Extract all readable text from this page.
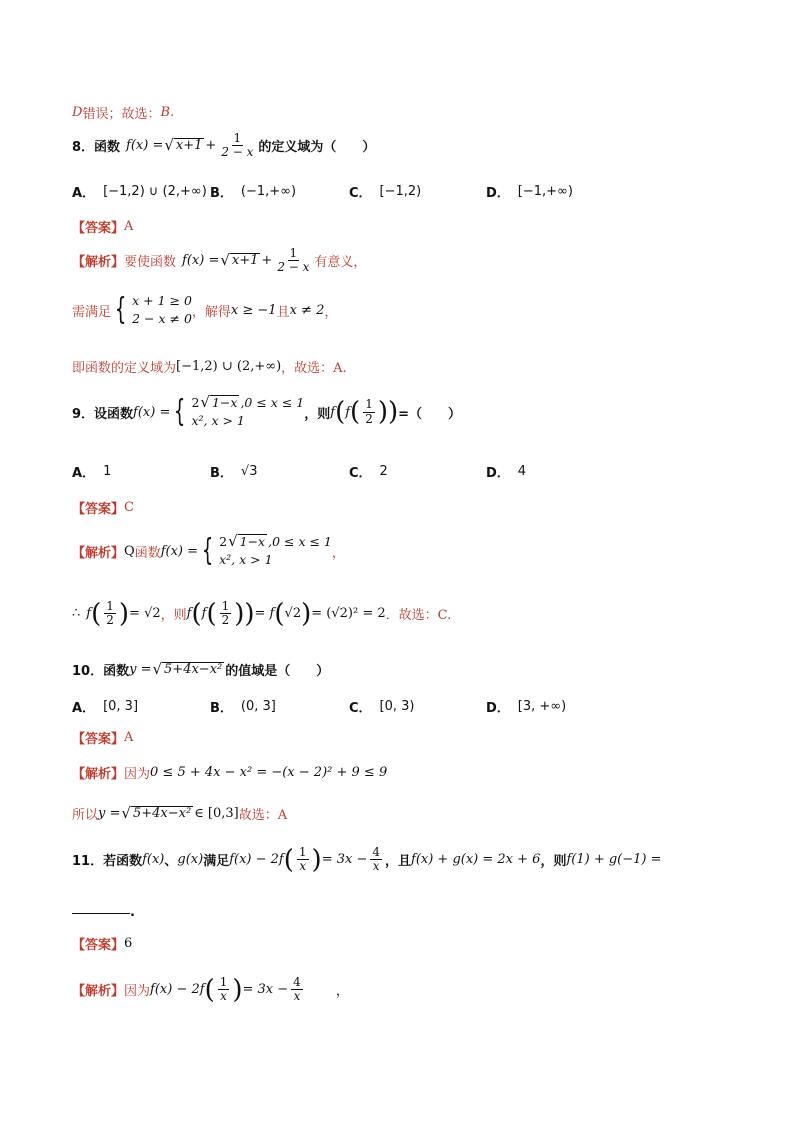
D 错误；故选： B .
8．函数 f(x) = √ $x+1 + \frac{1}{2 - x}$ 的定义域为（　　）
A． [−1,2) ∪ (2,+∞) B． (−1,+∞)	C． [−1,2)	D． [−1,+∞)
【答案】 A
【解析】 要使函数 f(x) = √ $x+1 + \frac{1}{2 - x}$ 有意义，
需满足 { x + 1 ≥ 0
2 − x ≠ 0 ，解得 x ≥ −1 且 x ≠ 2 ，
即函数的定义域为 [−1,2) ∪ (2,+∞) ，故选：A.
9．设函数 f(x) = { 2 √ 1−x ,0 ≤ x ≤ 1
x², x > 1	，则 f ( f ( $\frac{1}{2}$ )) =（　　）
A． 1	B． √3	C． 2	D． 4
【答案】 C
【解析】 Q 函数 f(x) = { 2 √ 1−x ,0 ≤ x ≤ 1
x², x > 1	，
∴ f ( $\frac{1}{2}$ ) = √2 ，则 f ( f ( $\frac{1}{2}$ )) = f ( √2 ) = (√2)² = 2 ．故选：C.
10．函数 y = √ 5+4x−x² 的值域是（　　）
A． [0, 3]	B． (0, 3]	C． [0, 3)	D． [3, +∞)
【答案】 A
【解析】 因为 0 ≤ 5 + 4x − x² = −(x − 2)² + 9 ≤ 9
所以 y = √ 5+4x−x² ∈ [0,3] 故选：A
11．若函数 f(x) 、 g(x) 满足 f(x) − 2f ( $\frac{1}{x}$ ) = $3x - \frac{4}{x}$ ，且 f(x) + g(x) = 2x + 6 ，则 f(1) + g(−1) =
.
【答案】 6
【解析】 因为 f(x) − 2f ( $\frac{1}{x}$ ) = $3x - \frac{4}{x}$	，
